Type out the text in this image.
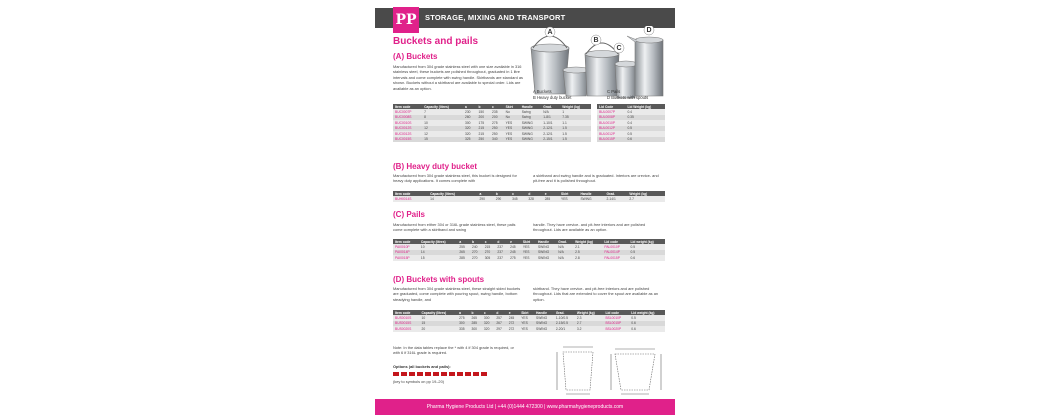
STORAGE, MIXING AND TRANSPORT
PP
Buckets and pails
(A) Buckets
Manufactured from 304 grade stainless steel with one size available in 316 stainless steel, these buckets are polished throughout, graduated in 1 litre intervals and come complete with swing handle. Skirtbands are standard as shown. Buckets without a skirtband are available to special order. Lids are available as an option.
A
B
C
D
A Buckets
B Heavy duty bucket
C Pails
D Buckets with spouts
Item code	Capacity (litres)	a	b	c	Skirt	Handle	Grad.	Weight (kg)		Lid Code	Lid Weight (kg)
BUC0007P	7	230	150	235	No	Swing	N/A	1		BUL0007P	0.4
BUC0008S	8	260	200	200	No	Swing	1-8/1	7.35		BUL0008P	0.35
BUC0010S	10	300	175	275	YES	SWING	1-10/1	1.1		BUL0010P	0.4
BUC0012S	12	320	215	250	YES	SWING	2-12/1	1.5		BUL0012P	0.5
BUC0012S	12	320	215	250	YES	SWING	2-12/1	1.5		BUL0012P	0.5
BUC0015S	15	325	250	340	YES	SWING	2-15/1	1.5		BUL0015P	0.6
(B) Heavy duty bucket
Manufactured from 304 grade stainless steel, this bucket is designed for heavy duty applications. It comes complete with
a skirtband and swing handle and is graduated. Interiors are crevice- and pit-free and it is polished throughout.
Item code	Capacity (litres)	a	b	c	d	e	Skirt	Handle	Grad.	Weight (kg)
BUH0014S	14	290	290	345	328	285	YES	SWING	2-14/1	2.7
(C) Pails
Manufactured from either 304 or 316L grade stainless steel, these pails come complete with a skirtband and swing
handle. They have crevice- and pit-free interiors and are polished throughout. Lids are available as an option.
Item code	Capacity (litres)	a	b	c	d	e	Skirt	Handle	Grad.	Weight (kg)	Lid code	Lid weight (kg)
PAI0010P	10	255	240	215	237	245	YES	SWING	N/A	2.1	PAL0010P	0.5
PAI0014P	14	265	270	270	237	245	YES	SWING	N/A	2.5	PAL0014P	0.5
PAI0015P	15	285	270	305	237	275	YES	SWING	N/A	2.8	PAL0015P	0.6
(D) Buckets with spouts
Manufactured from 304 grade stainless steel, these straight sided buckets are graduated, come complete with pouring spout, swing handle, bottom steadying handle, and
skirtband. They have crevice- and pit-free interiors and are polished throughout. Lids that are extended to cover the spout are available as an option.
Item code	Capacity (litres)	a	b	c	d	e	Skirt	Handle	Grad.	Weight (kg)	Lid code	Lid weight (kg)
BUS0010S	10	275	265	300	257	245	YES	SWING	1-10/0.5	2.3	BSL0010P	0.5
BUS0015S	15	300	285	320	267	272	YES	SWING	2-15/0.5	2.7	BSL0015P	0.6
BUS0020S	20	335	300	320	297	272	YES	SWING	2-20/1	3.2	BSL0020P	0.6
Note: In the data tables replace the * with 4 if 304 grade is required, or with 6 if 316L grade is required.
Options (all buckets and pails):
(key to symbols on pp 19–20)
Pharma Hygiene Products Ltd | +44 (0)1444 472300 | www.pharmahygieneproducts.com
